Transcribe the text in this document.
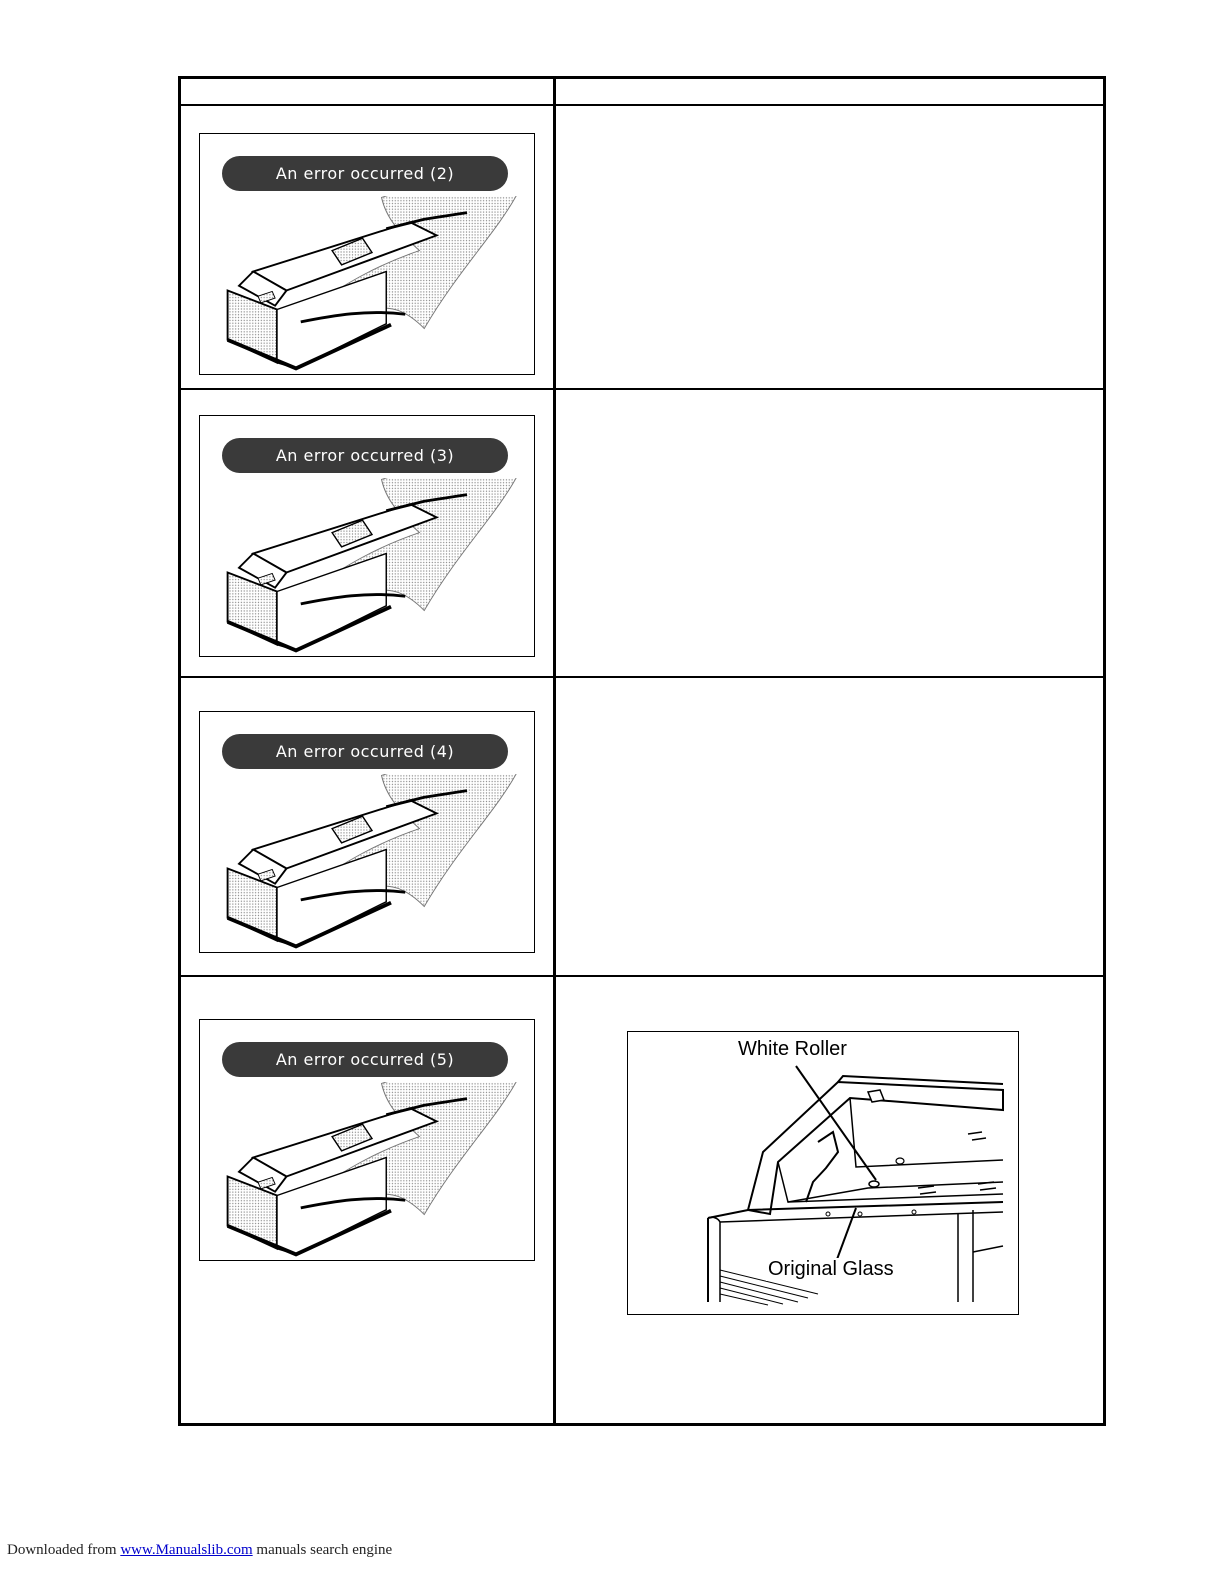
An error occurred (2)
An error occurred (3)
An error occurred (4)
An error occurred (5)	White Roller
Original Glass
Downloaded from www.Manualslib.com manuals search engine
